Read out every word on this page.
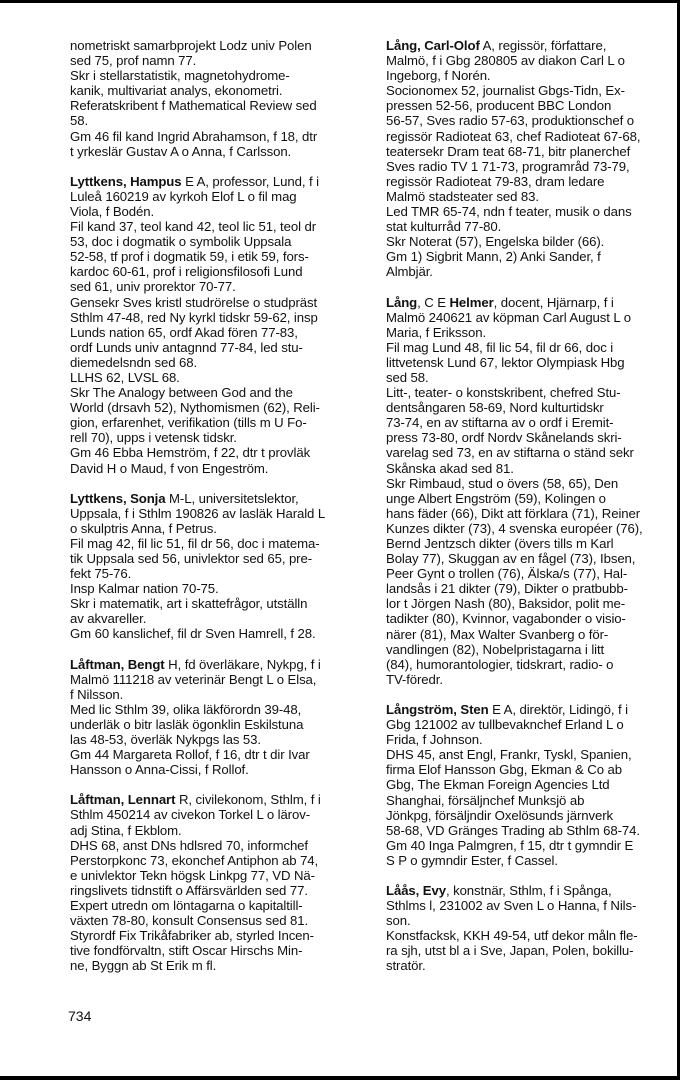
nometriskt samarbprojekt Lodz univ Polen
sed 75, prof namn 77.
Skr i stellarstatistik, magnetohydrome-
kanik, multivariat analys, ekonometri.
Referatskribent f Mathematical Review sed
58.
Gm 46 fil kand Ingrid Abrahamson, f 18, dtr
t yrkeslär Gustav A o Anna, f Carlsson.
Lyttkens, Hampus E A, professor, Lund, f i
Luleå 160219 av kyrkoh Elof L o fil mag
Viola, f Bodén.
Fil kand 37, teol kand 42, teol lic 51, teol dr
53, doc i dogmatik o symbolik Uppsala
52-58, tf prof i dogmatik 59, i etik 59, fors-
kardoc 60-61, prof i religionsfilosofi Lund
sed 61, univ prorektor 70-77.
Gensekr Sves kristl studrörelse o studpräst
Sthlm 47-48, red Ny kyrkl tidskr 59-62, insp
Lunds nation 65, ordf Akad fören 77-83,
ordf Lunds univ antagnnd 77-84, led stu-
diemedelsndn sed 68.
LLHS 62, LVSL 68.
Skr The Analogy between God and the
World (drsavh 52), Nythomismen (62), Reli-
gion, erfarenhet, verifikation (tills m U Fo-
rell 70), upps i vetensk tidskr.
Gm 46 Ebba Hemström, f 22, dtr t provläk
David H o Maud, f von Engeström.
Lyttkens, Sonja M-L, universitetslektor,
Uppsala, f i Sthlm 190826 av lasläk Harald L
o skulptris Anna, f Petrus.
Fil mag 42, fil lic 51, fil dr 56, doc i matema-
tik Uppsala sed 56, univlektor sed 65, pre-
fekt 75-76.
Insp Kalmar nation 70-75.
Skr i matematik, art i skattefrågor, utställn
av akvareller.
Gm 60 kanslichef, fil dr Sven Hamrell, f 28.
Låftman, Bengt H, fd överläkare, Nykpg, f i
Malmö 111218 av veterinär Bengt L o Elsa,
f Nilsson.
Med lic Sthlm 39, olika läkförordn 39-48,
underläk o bitr lasläk ögonklin Eskilstuna
las 48-53, överläk Nykpgs las 53.
Gm 44 Margareta Rollof, f 16, dtr t dir Ivar
Hansson o Anna-Cissi, f Rollof.
Låftman, Lennart R, civilekonom, Sthlm, f i
Sthlm 450214 av civekon Torkel L o lärov-
adj Stina, f Ekblom.
DHS 68, anst DNs hdlsred 70, informchef
Perstorpkonc 73, ekonchef Antiphon ab 74,
e univlektor Tekn högsk Linkpg 77, VD Nä-
ringslivets tidnstift o Affärsvärlden sed 77.
Expert utredn om löntagarna o kapitaltill-
växten 78-80, konsult Consensus sed 81.
Styrordf Fix Trikåfabriker ab, styrled Incen-
tive fondförvaltn, stift Oscar Hirschs Min-
ne, Byggn ab St Erik m fl.
Lång, Carl-Olof A, regissör, författare,
Malmö, f i Gbg 280805 av diakon Carl L o
Ingeborg, f Norén.
Socionomex 52, journalist Gbgs-Tidn, Ex-
pressen 52-56, producent BBC London
56-57, Sves radio 57-63, produktionschef o
regissör Radioteat 63, chef Radioteat 67-68,
teatersekr Dram teat 68-71, bitr planerchef
Sves radio TV 1 71-73, programråd 73-79,
regissör Radioteat 79-83, dram ledare
Malmö stadsteater sed 83.
Led TMR 65-74, ndn f teater, musik o dans
stat kulturråd 77-80.
Skr Noterat (57), Engelska bilder (66).
Gm 1) Sigbrit Mann, 2) Anki Sander, f
Almbjär.
Lång, C E Helmer, docent, Hjärnarp, f i
Malmö 240621 av köpman Carl August L o
Maria, f Eriksson.
Fil mag Lund 48, fil lic 54, fil dr 66, doc i
littvetensk Lund 67, lektor Olympiask Hbg
sed 58.
Litt-, teater- o konstskribent, chefred Stu-
dentsångaren 58-69, Nord kulturtidskr
73-74, en av stiftarna av o ordf i Eremit-
press 73-80, ordf Nordv Skånelands skri-
varelag sed 73, en av stiftarna o ständ sekr
Skånska akad sed 81.
Skr Rimbaud, stud o övers (58, 65), Den
unge Albert Engström (59), Kolingen o
hans fäder (66), Dikt att förklara (71), Reiner
Kunzes dikter (73), 4 svenska européer (76),
Bernd Jentzsch dikter (övers tills m Karl
Bolay 77), Skuggan av en fågel (73), Ibsen,
Peer Gynt o trollen (76), Älska/s (77), Hal-
landsås i 21 dikter (79), Dikter o pratbubb-
lor t Jörgen Nash (80), Baksidor, polit me-
tadikter (80), Kvinnor, vagabonder o visio-
närer (81), Max Walter Svanberg o för-
vandlingen (82), Nobelpristagarna i litt
(84), humorantologier, tidskrart, radio- o
TV-föredr.
Långström, Sten E A, direktör, Lidingö, f i
Gbg 121002 av tullbevaknchef Erland L o
Frida, f Johnson.
DHS 45, anst Engl, Frankr, Tyskl, Spanien,
firma Elof Hansson Gbg, Ekman & Co ab
Gbg, The Ekman Foreign Agencies Ltd
Shanghai, försäljnchef Munksjö ab
Jönkpg, försäljndir Oxelösunds järnverk
58-68, VD Gränges Trading ab Sthlm 68-74.
Gm 40 Inga Palmgren, f 15, dtr t gymndir E
S P o gymndir Ester, f Cassel.
Låås, Evy, konstnär, Sthlm, f i Spånga,
Sthlms l, 231002 av Sven L o Hanna, f Nils-
son.
Konstfacksk, KKH 49-54, utf dekor måln fle-
ra sjh, utst bl a i Sve, Japan, Polen, bokillu-
stratör.
734
